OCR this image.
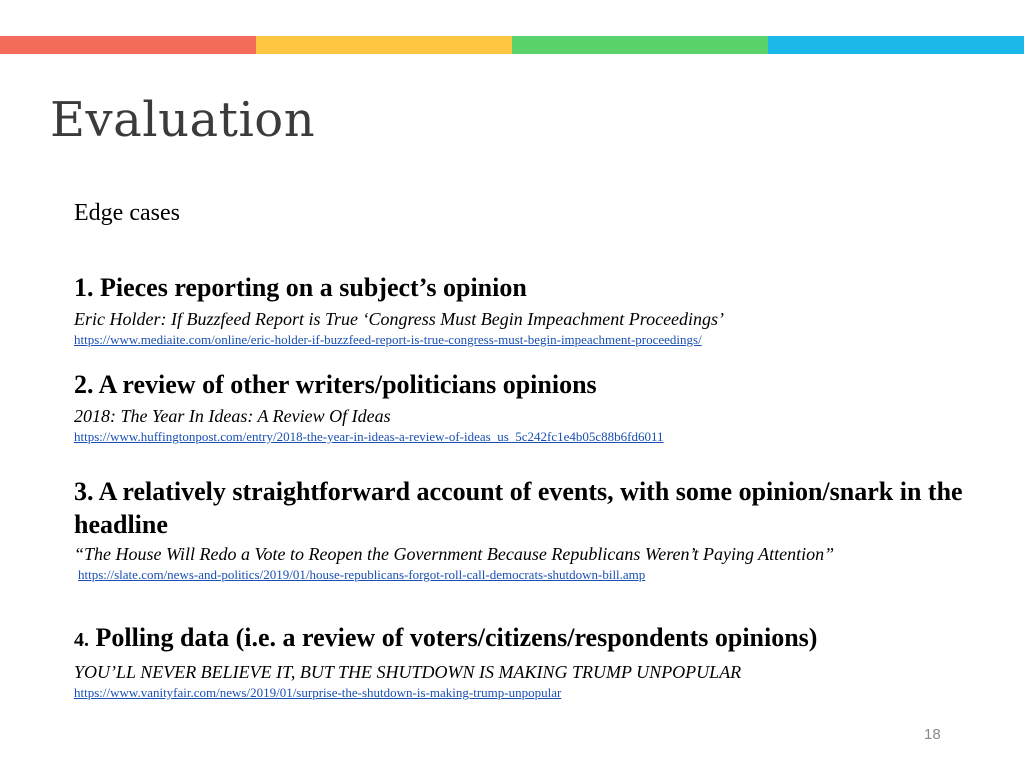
Evaluation

Edge cases

1. Pieces reporting on a subject’s opinion

Eric Holder: If Buzzfeed Report is True ‘Congress Must Begin Impeachment Proceedings’

https://www.mediaite.com/online/eric-holder-if-buzzfeed-report-is-true-congress-must-begin-impeachment-proceedings/

2. A review of other writers/politicians opinions

2018: The Year In Ideas: A Review Of Ideas

https://www.huffingtonpost.com/entry/2018-the-year-in-ideas-a-review-of-ideas_us_5c242fc1e4b05c88b6fd6011

3. A relatively straightforward account of events, with some opinion/snark in the headline

“The House Will Redo a Vote to Reopen the Government Because Republicans Weren’t Paying Attention”

https://slate.com/news-and-politics/2019/01/house-republicans-forgot-roll-call-democrats-shutdown-bill.amp

4. Polling data (i.e. a review of voters/citizens/respondents opinions)

YOU’LL NEVER BELIEVE IT, BUT THE SHUTDOWN IS MAKING TRUMP UNPOPULAR

https://www.vanityfair.com/news/2019/01/surprise-the-shutdown-is-making-trump-unpopular
18
